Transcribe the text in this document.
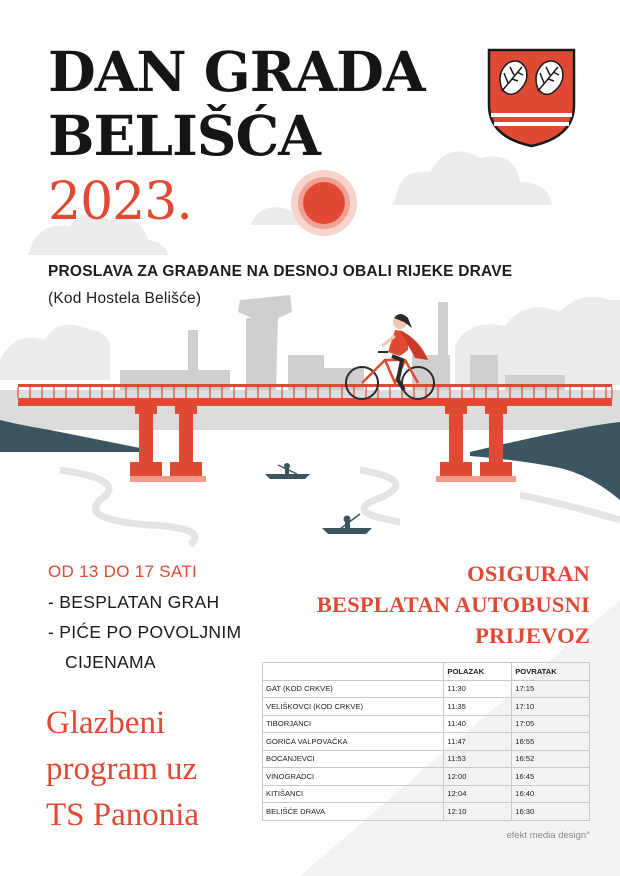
DAN GRADA
BELIŠĆA
2023.
PROSLAVA ZA GRAĐANE NA DESNOJ OBALI RIJEKE DRAVE
(Kod Hostela Belišće)
OD 13 DO 17 SATI
- BESPLATAN GRAH
- PIĆE PO POVOLJNIM
CIJENAMA
Glazbeni
program uz
TS Panonia
OSIGURAN
BESPLATAN AUTOBUSNI
PRIJEVOZ
	POLAZAK	POVRATAK
GAT (KOD CRKVE)	11:30	17:15
VELIŠKOVCI (KOD CRKVE)	11:35	17:10
TIBORJANCI	11:40	17:05
GORICA VALPOVAČKA	11:47	16:55
BOCANJEVCI	11:53	16:52
VINOGRADCI	12:00	16:45
KITIŠANCI	12:04	16:40
BELIŠĆE DRAVA	12:10	16:30
efekt media design°
